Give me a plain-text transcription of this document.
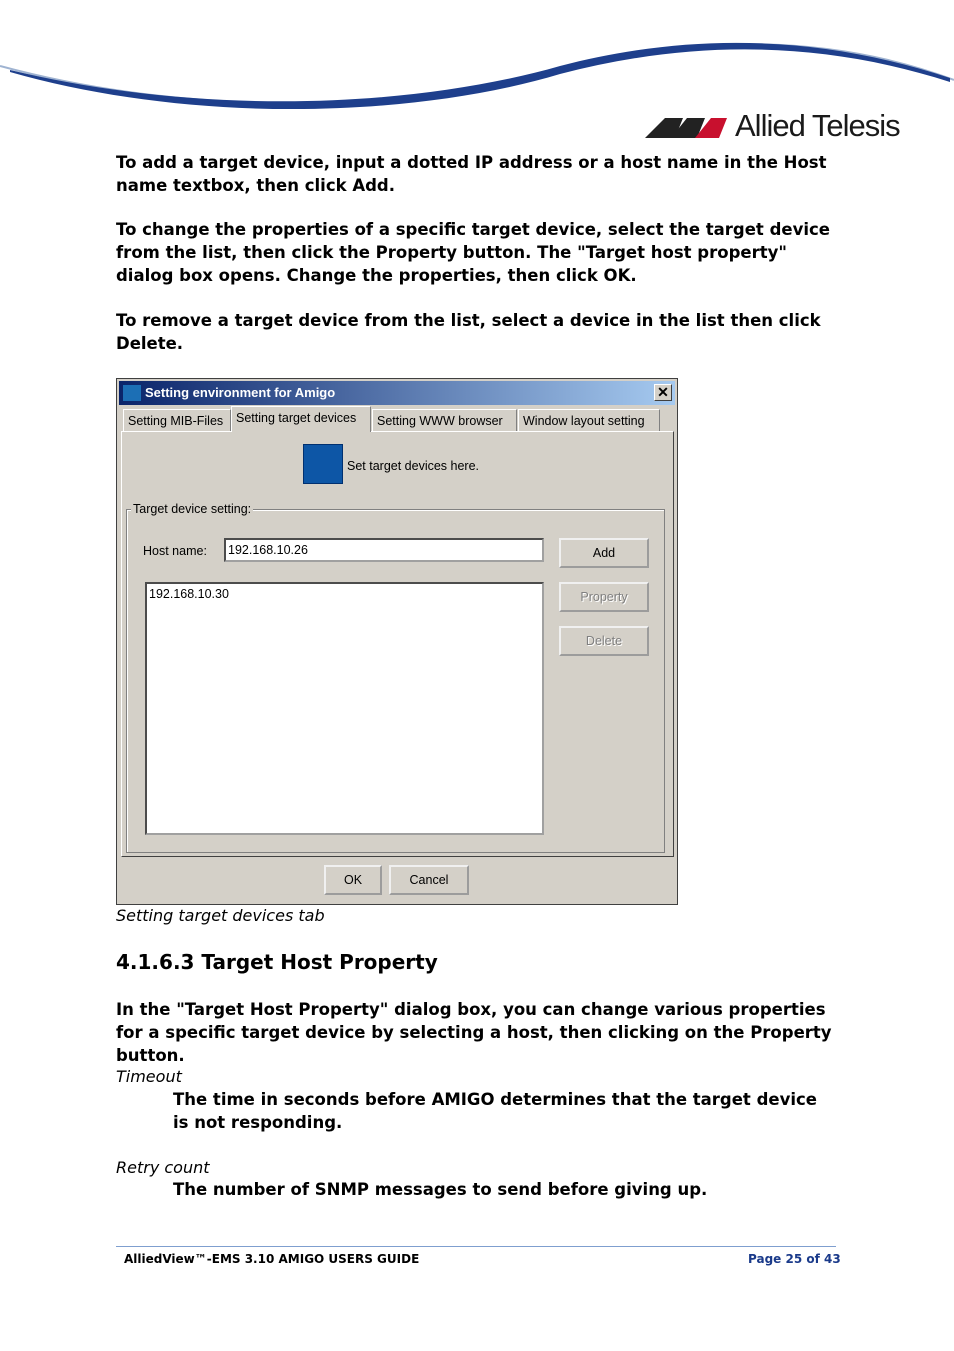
Allied Telesis
To add a target device, input a dotted IP address or a host name in the Host name textbox, then click Add.
To change the properties of a specific target device, select the target device from the list, then click the Property button. The "Target host property" dialog box opens. Change the properties, then click OK.
To remove a target device from the list, select a device in the list then click Delete.
Setting environment for Amigo	✕
Setting MIB-Files	Setting target devices	Setting WWW browser	Window layout setting
Set target devices here.
Target device setting:
Host name:	192.168.10.26
192.168.10.30
Add
Property
Delete
OK	Cancel
Setting target devices tab
4.1.6.3 Target Host Property
In the "Target Host Property" dialog box, you can change various properties for a specific target device by selecting a host, then clicking on the Property button.
Timeout
The time in seconds before AMIGO determines that the target device is not responding.
Retry count
The number of SNMP messages to send before giving up.
AlliedView™-EMS 3.10 AMIGO USERS GUIDE	Page 25 of 43
